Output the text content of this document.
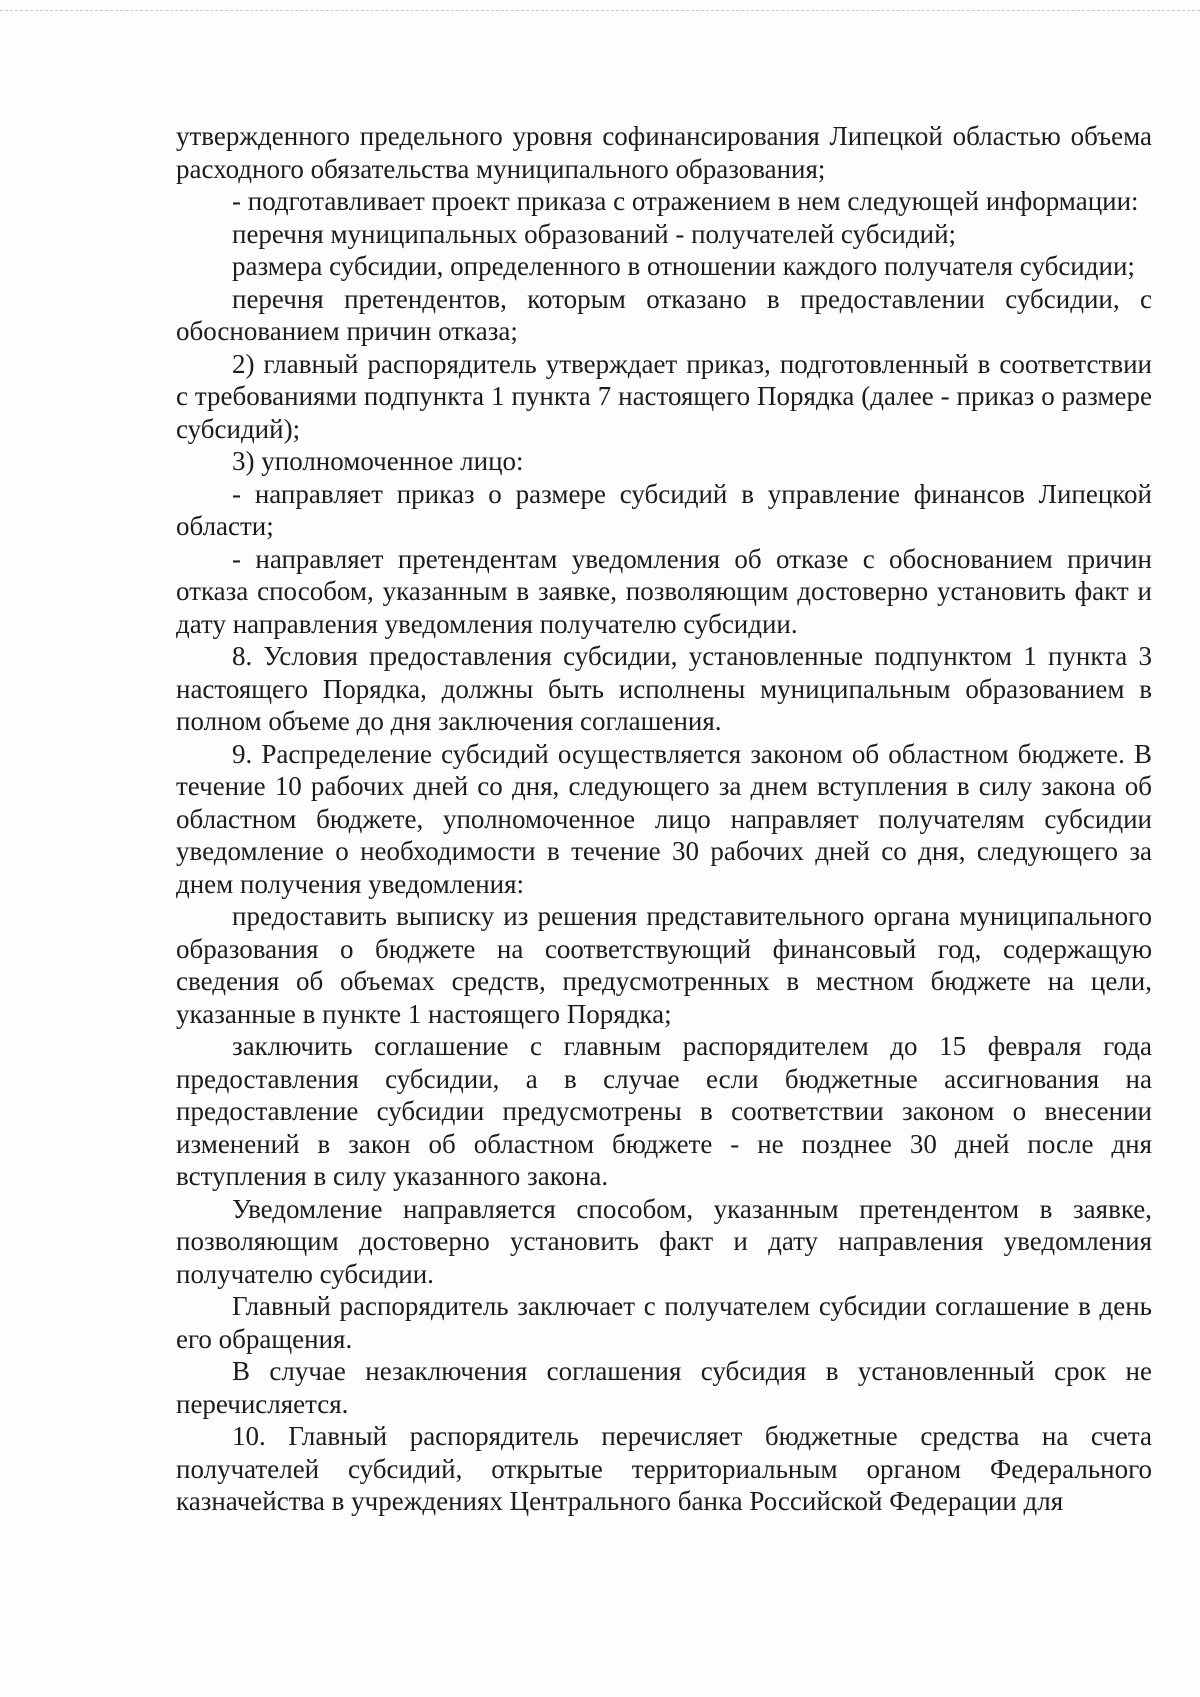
утвержденного предельного уровня софинансирования Липецкой областью объема расходного обязательства муниципального образования;

- подготавливает проект приказа с отражением в нем следующей информации:

перечня муниципальных образований - получателей субсидий;

размера субсидии, определенного в отношении каждого получателя субсидии;

перечня претендентов, которым отказано в предоставлении субсидии, с обоснованием причин отказа;

2) главный распорядитель утверждает приказ, подготовленный в соответствии с требованиями подпункта 1 пункта 7 настоящего Порядка (далее - приказ о размере субсидий);

3) уполномоченное лицо:

- направляет приказ о размере субсидий в управление финансов Липецкой области;

- направляет претендентам уведомления об отказе с обоснованием причин отказа способом, указанным в заявке, позволяющим достоверно установить факт и дату направления уведомления получателю субсидии.

8. Условия предоставления субсидии, установленные подпунктом 1 пункта 3 настоящего Порядка, должны быть исполнены муниципальным образованием в полном объеме до дня заключения соглашения.

9. Распределение субсидий осуществляется законом об областном бюджете. В течение 10 рабочих дней со дня, следующего за днем вступления в силу закона об областном бюджете, уполномоченное лицо направляет получателям субсидии уведомление о необходимости в течение 30 рабочих дней со дня, следующего за днем получения уведомления:

предоставить выписку из решения представительного органа муниципального образования о бюджете на соответствующий финансовый год, содержащую сведения об объемах средств, предусмотренных в местном бюджете на цели, указанные в пункте 1 настоящего Порядка;

заключить соглашение с главным распорядителем до 15 февраля года предоставления субсидии, а в случае если бюджетные ассигнования на предоставление субсидии предусмотрены в соответствии законом о внесении изменений в закон об областном бюджете - не позднее 30 дней после дня вступления в силу указанного закона.

Уведомление направляется способом, указанным претендентом в заявке, позволяющим достоверно установить факт и дату направления уведомления получателю субсидии.

Главный распорядитель заключает с получателем субсидии соглашение в день его обращения.

В случае незаключения соглашения субсидия в установленный срок не перечисляется.

10. Главный распорядитель перечисляет бюджетные средства на счета получателей субсидий, открытые территориальным органом Федерального казначейства в учреждениях Центрального банка Российской Федерации для
